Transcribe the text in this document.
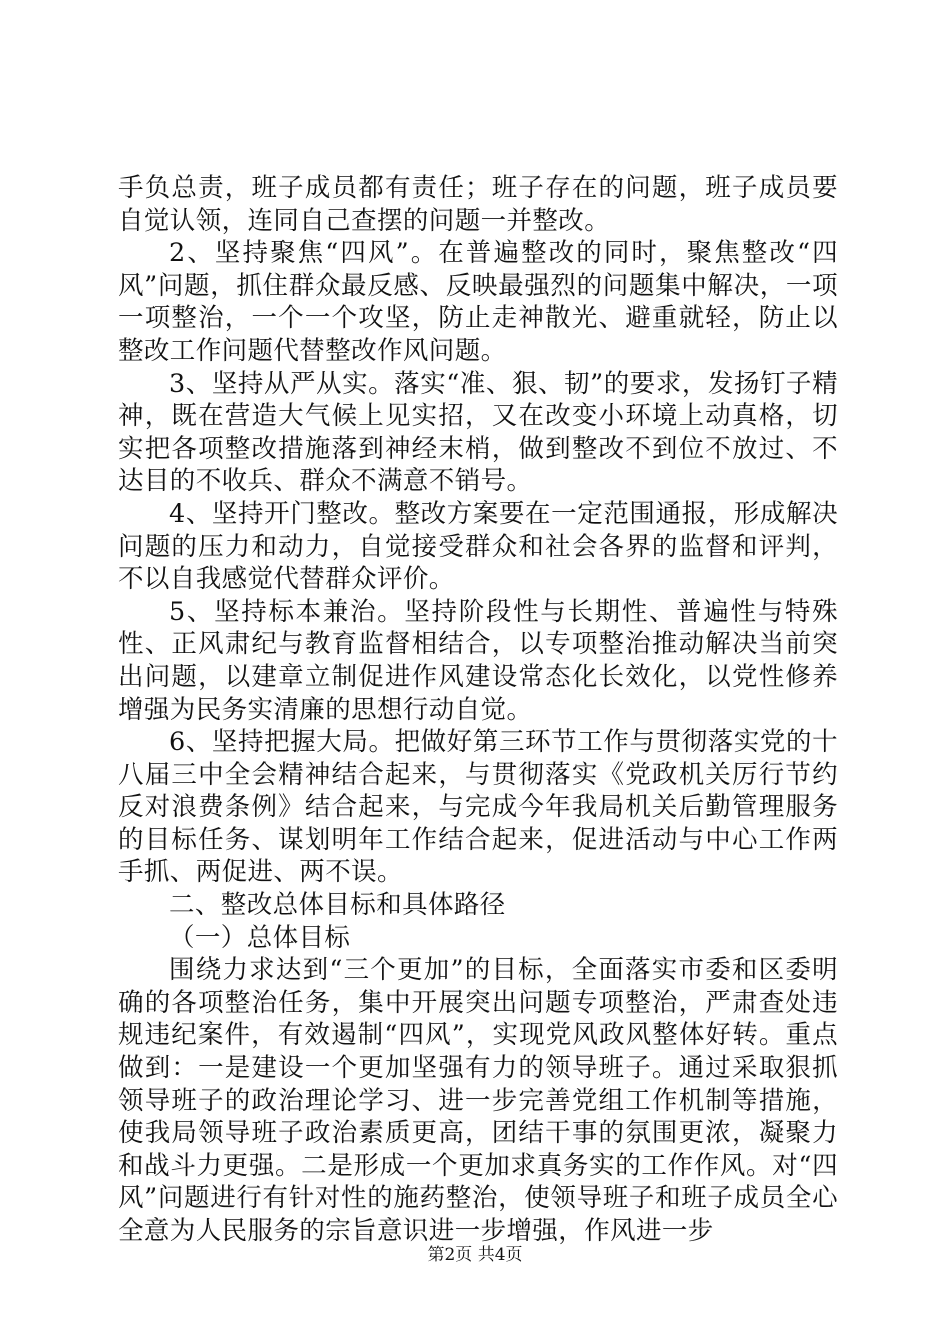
手负总责，班子成员都有责任；班子存在的问题，班子成员要自觉认领，连同自己查摆的问题一并整改。

2、坚持聚焦“四风”。在普遍整改的同时，聚焦整改“四风”问题，抓住群众最反感、反映最强烈的问题集中解决，一项一项整治，一个一个攻坚，防止走神散光、避重就轻，防止以整改工作问题代替整改作风问题。

3、坚持从严从实。落实“准、狠、韧”的要求，发扬钉子精神，既在营造大气候上见实招，又在改变小环境上动真格，切实把各项整改措施落到神经末梢，做到整改不到位不放过、不达目的不收兵、群众不满意不销号。

4、坚持开门整改。整改方案要在一定范围通报，形成解决问题的压力和动力，自觉接受群众和社会各界的监督和评判，不以自我感觉代替群众评价。

5、坚持标本兼治。坚持阶段性与长期性、普遍性与特殊性、正风肃纪与教育监督相结合，以专项整治推动解决当前突出问题，以建章立制促进作风建设常态化长效化，以党性修养增强为民务实清廉的思想行动自觉。

6、坚持把握大局。把做好第三环节工作与贯彻落实党的十八届三中全会精神结合起来，与贯彻落实《党政机关厉行节约反对浪费条例》结合起来，与完成今年我局机关后勤管理服务的目标任务、谋划明年工作结合起来，促进活动与中心工作两手抓、两促进、两不误。

二、整改总体目标和具体路径

（一）总体目标

围绕力求达到“三个更加”的目标，全面落实市委和区委明确的各项整治任务，集中开展突出问题专项整治，严肃查处违规违纪案件，有效遏制“四风”，实现党风政风整体好转。重点做到：一是建设一个更加坚强有力的领导班子。通过采取狠抓领导班子的政治理论学习、进一步完善党组工作机制等措施，使我局领导班子政治素质更高，团结干事的氛围更浓，凝聚力和战斗力更强。二是形成一个更加求真务实的工作作风。对“四风”问题进行有针对性的施药整治，使领导班子和班子成员全心全意为人民服务的宗旨意识进一步增强，作风进一步

第2页 共4页
